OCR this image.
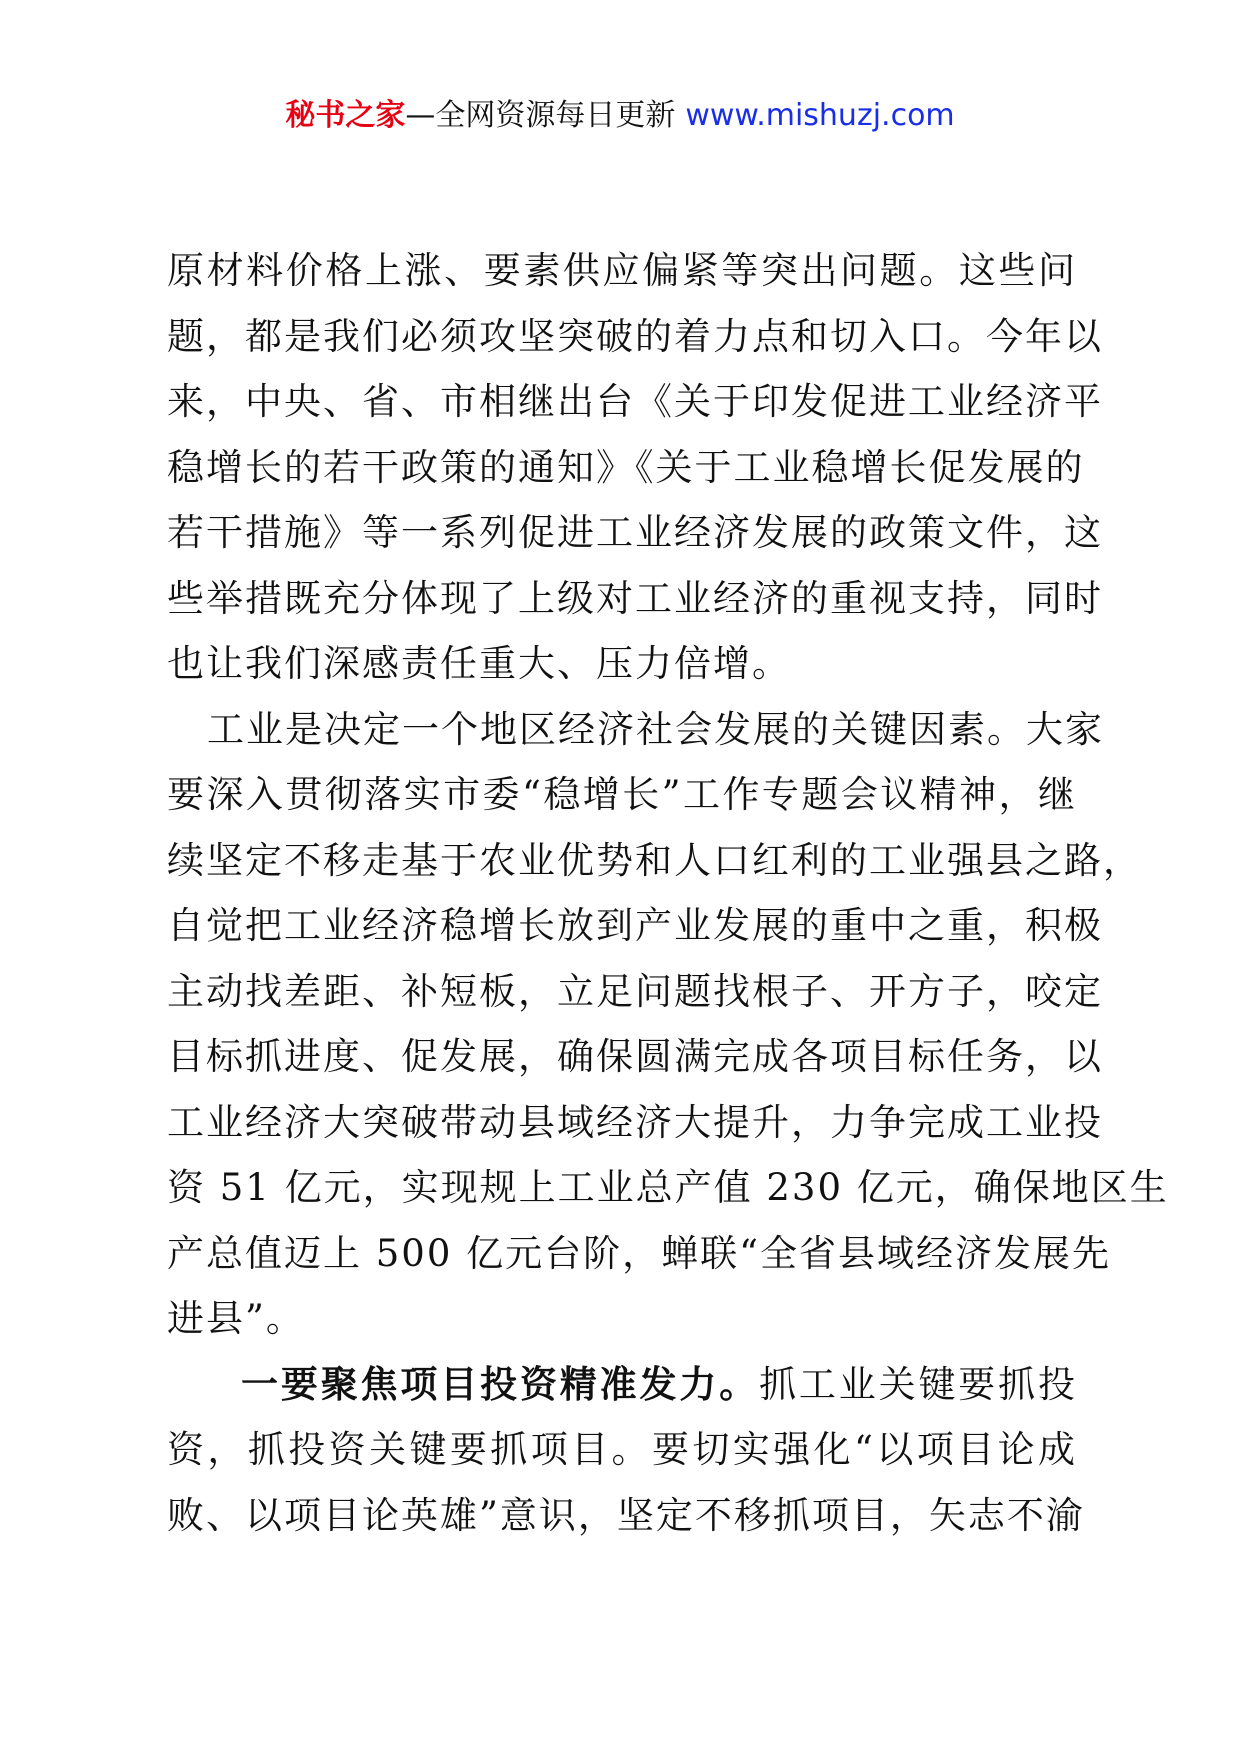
秘书之家—全网资源每日更新 www.mishuzj.com
原材料价格上涨、要素供应偏紧等突出问题。这些问
题，都是我们必须攻坚突破的着力点和切入口。今年以
来，中央、省、市相继出台《关于印发促进工业经济平
稳增长的若干政策的通知》《关于工业稳增长促发展的
若干措施》等一系列促进工业经济发展的政策文件，这
些举措既充分体现了上级对工业经济的重视支持，同时
也让我们深感责任重大、压力倍增。
工业是决定一个地区经济社会发展的关键因素。大家
要深入贯彻落实市委“稳增长”工作专题会议精神，继
续坚定不移走基于农业优势和人口红利的工业强县之路，
自觉把工业经济稳增长放到产业发展的重中之重，积极
主动找差距、补短板，立足问题找根子、开方子，咬定
目标抓进度、促发展，确保圆满完成各项目标任务，以
工业经济大突破带动县域经济大提升，力争完成工业投
资 51 亿元，实现规上工业总产值 230 亿元，确保地区生
产总值迈上 500 亿元台阶，蝉联“全省县域经济发展先
进县”。
一要聚焦项目投资精准发力。抓工业关键要抓投
资，抓投资关键要抓项目。要切实强化“以项目论成
败、以项目论英雄”意识，坚定不移抓项目，矢志不渝
